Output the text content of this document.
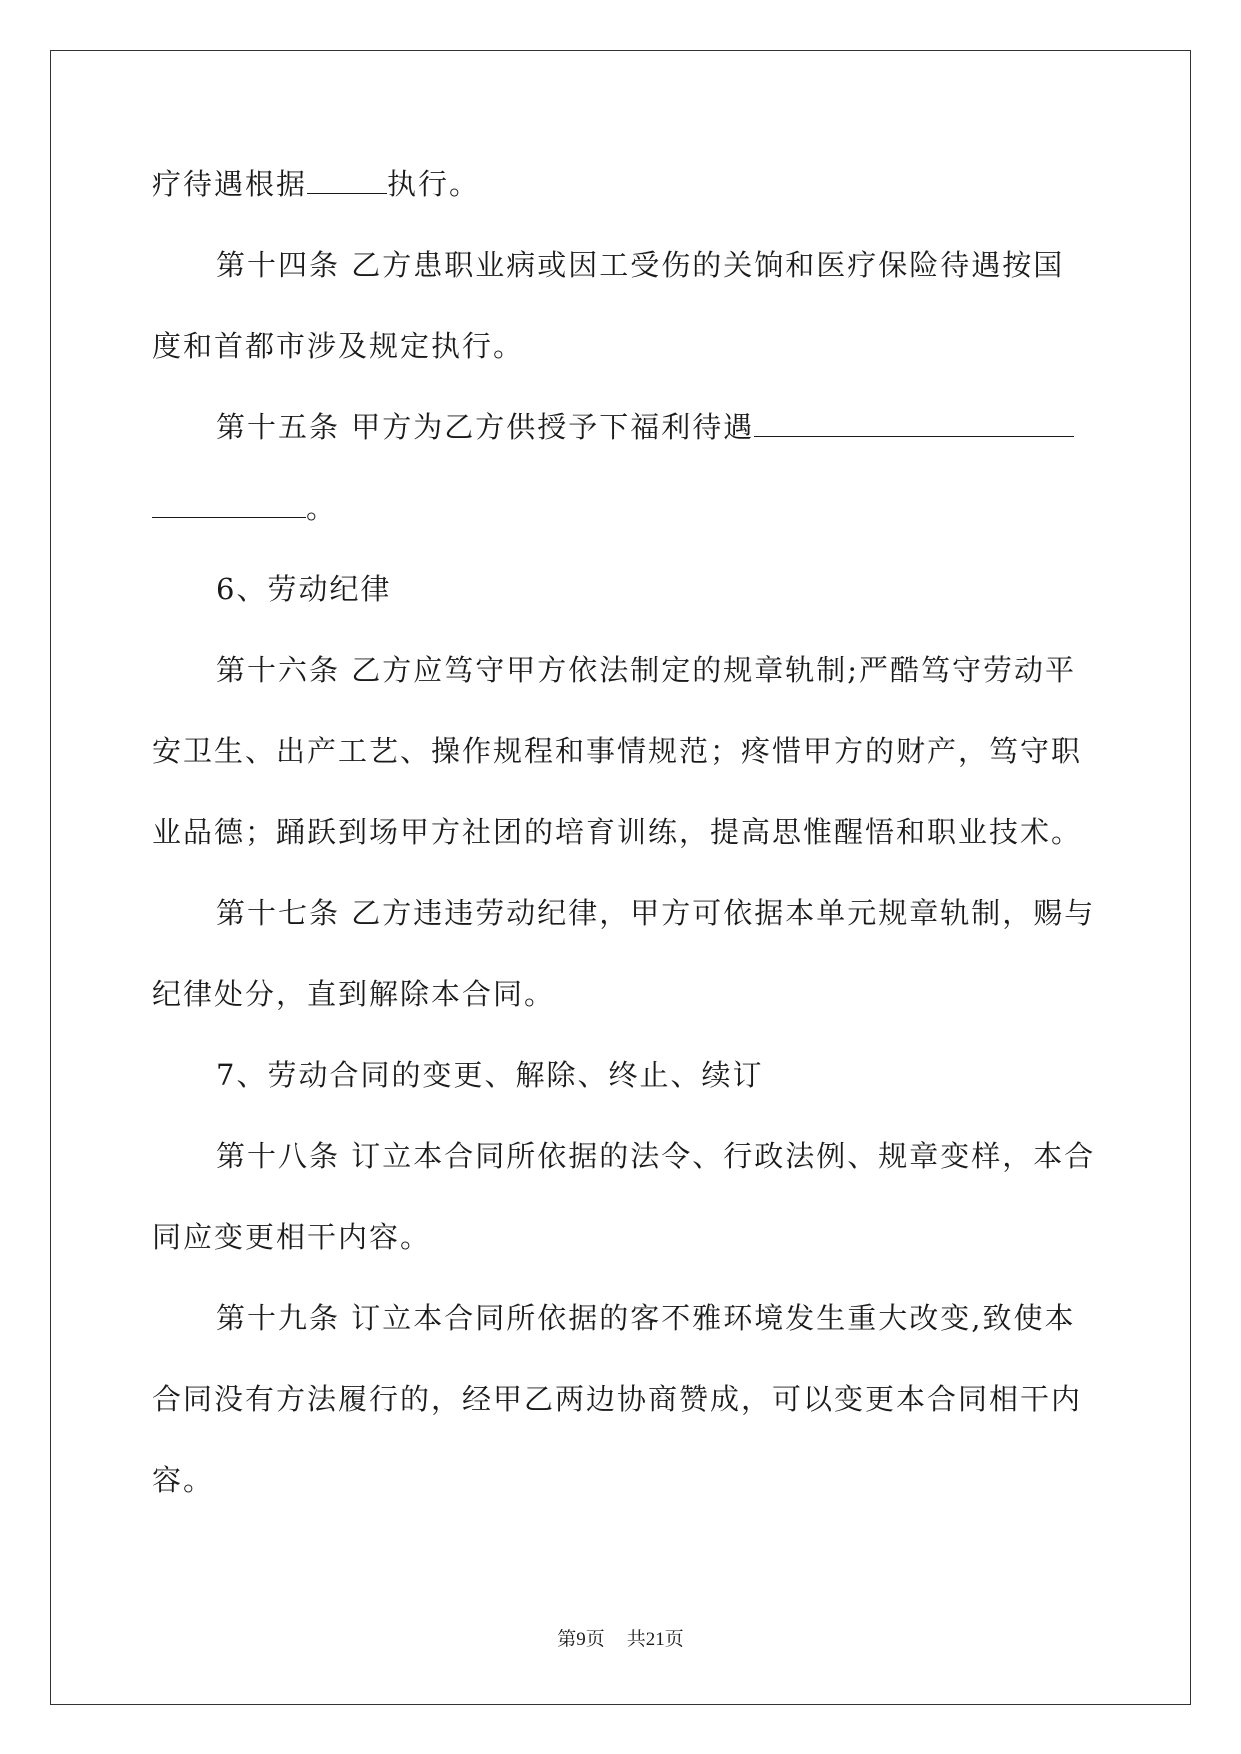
疗待遇根据	执行。
第十四条 乙方患职业病或因工受伤的关饷和医疗保险待遇按国
度和首都市涉及规定执行。
第十五条 甲方为乙方供授予下福利待遇
。
6、劳动纪律
第十六条 乙方应笃守甲方依法制定的规章轨制;严酷笃守劳动平
安卫生、出产工艺、操作规程和事情规范；疼惜甲方的财产，笃守职
业品德；踊跃到场甲方社团的培育训练，提高思惟醒悟和职业技术。
第十七条 乙方违违劳动纪律，甲方可依据本单元规章轨制，赐与
纪律处分，直到解除本合同。
7、劳动合同的变更、解除、终止、续订
第十八条 订立本合同所依据的法令、行政法例、规章变样，本合
同应变更相干内容。
第十九条 订立本合同所依据的客不雅环境发生重大改变,致使本
合同没有方法履行的，经甲乙两边协商赞成，可以变更本合同相干内
容。
第9页 共21页
